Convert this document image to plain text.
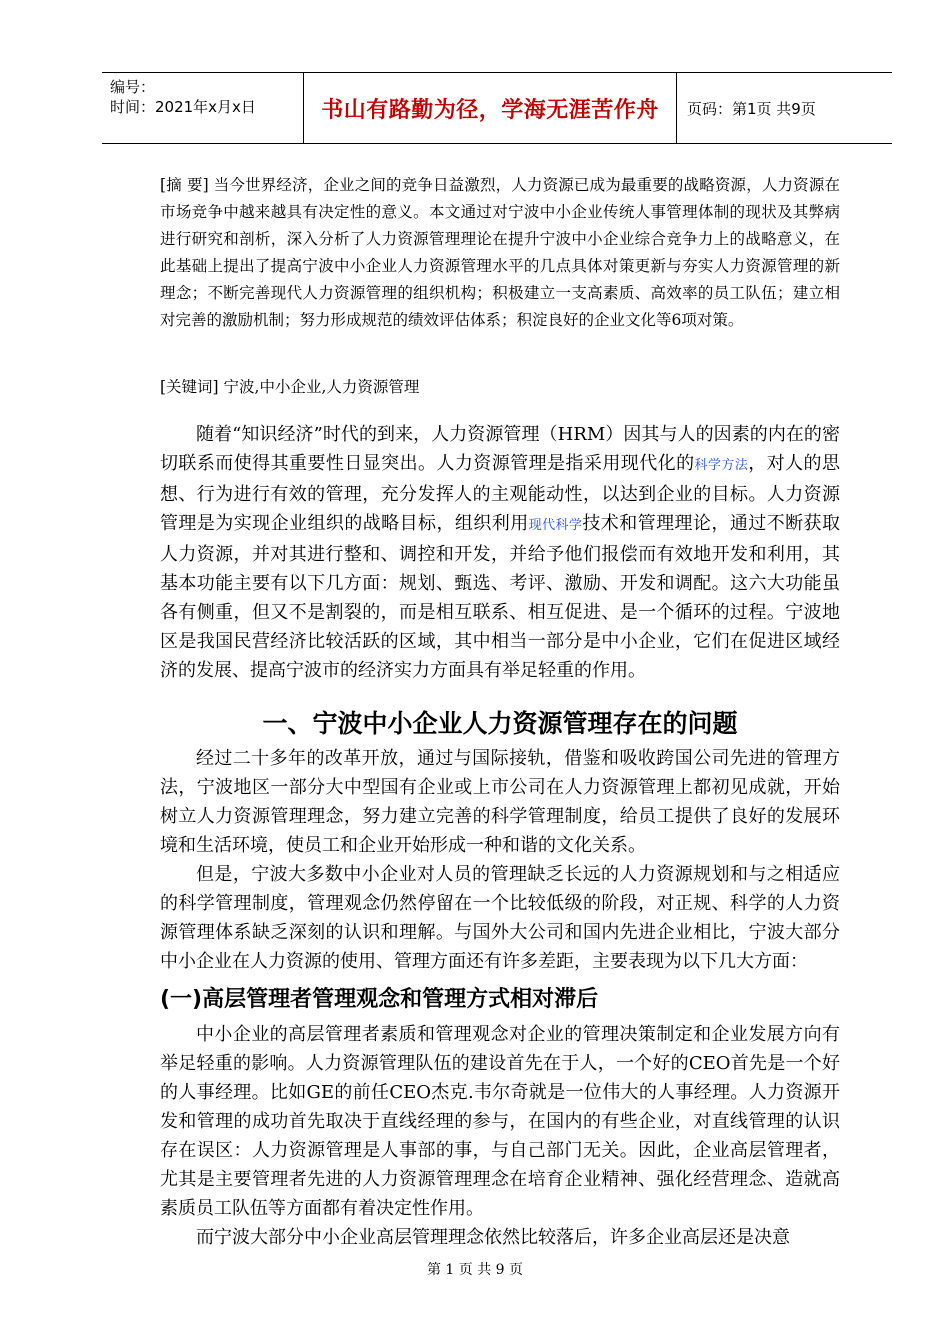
编号：
时间：2021年x月x日	书山有路勤为径，学海无涯苦作舟	页码：第1页 共9页
[摘 要] 当今世界经济，企业之间的竞争日益激烈，人力资源已成为最重要的战略资源，人力资源在市场竞争中越来越具有决定性的意义。本文通过对宁波中小企业传统人事管理体制的现状及其弊病进行研究和剖析，深入分析了人力资源管理理论在提升宁波中小企业综合竞争力上的战略意义，在此基础上提出了提高宁波中小企业人力资源管理水平的几点具体对策更新与夯实人力资源管理的新理念；不断完善现代人力资源管理的组织机构；积极建立一支高素质、高效率的员工队伍；建立相对完善的激励机制；努力形成规范的绩效评估体系；积淀良好的企业文化等6项对策。
[关键词] 宁波,中小企业,人力资源管理
随着“知识经济”时代的到来，人力资源管理（HRM）因其与人的因素的内在的密切联系而使得其重要性日显突出。人力资源管理是指采用现代化的科学方法，对人的思想、行为进行有效的管理，充分发挥人的主观能动性，以达到企业的目标。人力资源管理是为实现企业组织的战略目标，组织利用现代科学技术和管理理论，通过不断获取人力资源，并对其进行整和、调控和开发，并给予他们报偿而有效地开发和利用，其基本功能主要有以下几方面：规划、甄选、考评、激励、开发和调配。这六大功能虽各有侧重，但又不是割裂的，而是相互联系、相互促进、是一个循环的过程。宁波地区是我国民营经济比较活跃的区域，其中相当一部分是中小企业，它们在促进区域经济的发展、提高宁波市的经济实力方面具有举足轻重的作用。
一、宁波中小企业人力资源管理存在的问题

经过二十多年的改革开放，通过与国际接轨，借鉴和吸收跨国公司先进的管理方法，宁波地区一部分大中型国有企业或上市公司在人力资源管理上都初见成就，开始树立人力资源管理理念，努力建立完善的科学管理制度，给员工提供了良好的发展环境和生活环境，使员工和企业开始形成一种和谐的文化关系。

但是，宁波大多数中小企业对人员的管理缺乏长远的人力资源规划和与之相适应的科学管理制度，管理观念仍然停留在一个比较低级的阶段，对正规、科学的人力资源管理体系缺乏深刻的认识和理解。与国外大公司和国内先进企业相比，宁波大部分中小企业在人力资源的使用、管理方面还有许多差距，主要表现为以下几大方面：

(一)高层管理者管理观念和管理方式相对滞后

中小企业的高层管理者素质和管理观念对企业的管理决策制定和企业发展方向有举足轻重的影响。人力资源管理队伍的建设首先在于人，一个好的CEO首先是一个好的人事经理。比如GE的前任CEO杰克.韦尔奇就是一位伟大的人事经理。人力资源开发和管理的成功首先取决于直线经理的参与，在国内的有些企业，对直线管理的认识存在误区：人力资源管理是人事部的事，与自己部门无关。因此，企业高层管理者，尤其是主要管理者先进的人力资源管理理念在培育企业精神、强化经营理念、造就高素质员工队伍等方面都有着决定性作用。

而宁波大部分中小企业高层管理理念依然比较落后，许多企业高层还是决意

第 1 页 共 9 页
